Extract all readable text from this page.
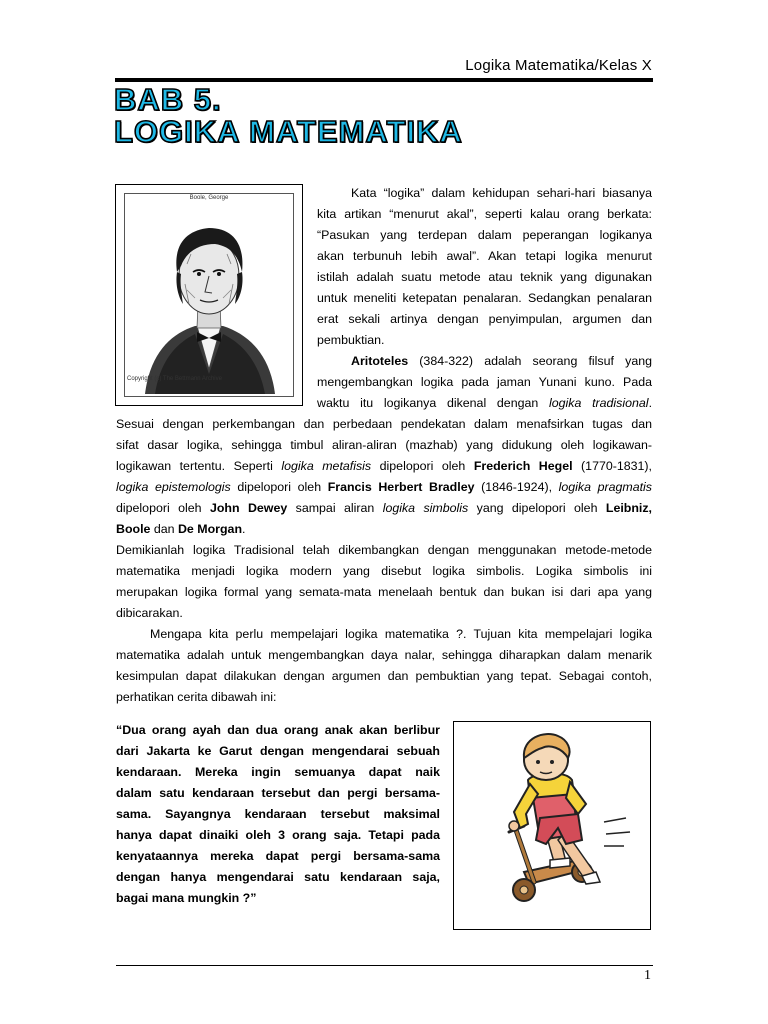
Logika Matematika/Kelas X
BAB 5.
LOGIKA MATEMATIKA
Boole, George
Copyright (c) The Bettmann Archive
Kata “logika” dalam kehidupan sehari-hari biasanya
kita artikan “menurut akal”, seperti kalau orang berkata:
“Pasukan yang terdepan dalam peperangan logikanya
akan terbunuh lebih awal”. Akan tetapi logika menurut
istilah adalah suatu metode atau teknik yang digunakan
untuk meneliti ketepatan penalaran. Sedangkan penalaran
erat sekali artinya dengan penyimpulan, argumen dan
pembuktian.
Aritoteles (384-322) adalah seorang filsuf yang
mengembangkan logika pada jaman Yunani kuno. Pada
waktu itu logikanya dikenal dengan logika tradisional.
Sesuai dengan perkembangan dan perbedaan pendekatan dalam menafsirkan tugas dan
sifat dasar logika, sehingga timbul aliran-aliran (mazhab) yang didukung oleh logikawan-
logikawan tertentu. Seperti logika metafisis dipelopori oleh Frederich Hegel (1770-1831),
logika epistemologis dipelopori oleh Francis Herbert Bradley (1846-1924), logika pragmatis
dipelopori oleh John Dewey sampai aliran logika simbolis yang dipelopori oleh Leibniz,
Boole dan De Morgan.
Demikianlah logika Tradisional telah dikembangkan dengan menggunakan metode-metode
matematika menjadi logika modern yang disebut logika simbolis. Logika simbolis ini
merupakan logika formal yang semata-mata menelaah bentuk dan bukan isi dari apa yang
dibicarakan.
Mengapa kita perlu mempelajari logika matematika ?. Tujuan kita mempelajari logika
matematika adalah untuk mengembangkan daya nalar, sehingga diharapkan dalam menarik
kesimpulan dapat dilakukan dengan argumen dan pembuktian yang tepat. Sebagai contoh,
perhatikan cerita dibawah ini:
“Dua orang ayah dan dua orang anak akan berlibur
dari Jakarta ke Garut dengan mengendarai sebuah
kendaraan. Mereka ingin semuanya dapat naik
dalam satu kendaraan tersebut dan pergi bersama-
sama. Sayangnya kendaraan tersebut maksimal
hanya dapat dinaiki oleh 3 orang saja. Tetapi pada
kenyataannya mereka dapat pergi bersama-sama
dengan hanya mengendarai satu kendaraan saja,
bagai mana mungkin ?”
1
